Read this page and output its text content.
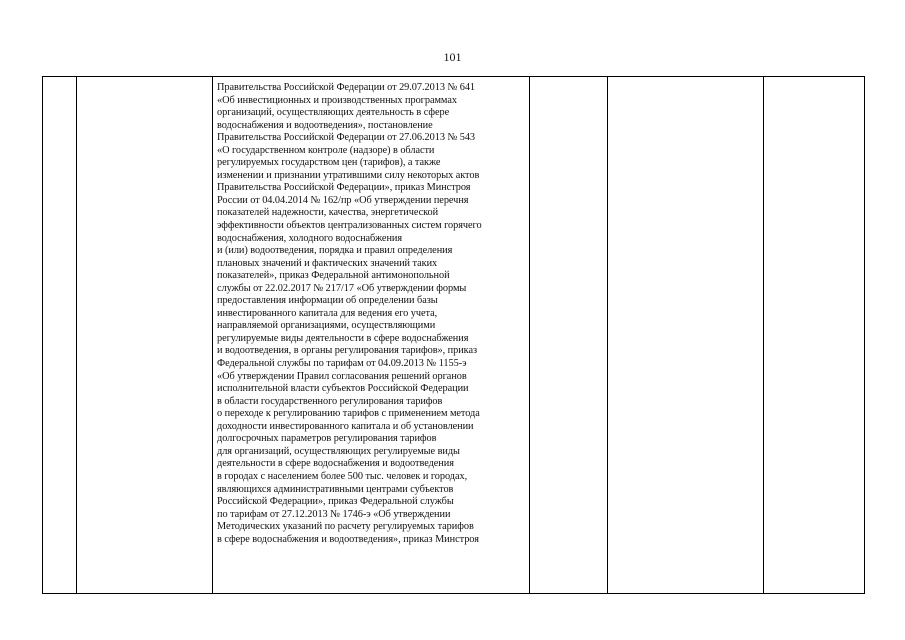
101
Правительства Российской Федерации от 29.07.2013 № 641
«Об инвестиционных и производственных программах
организаций, осуществляющих деятельность в сфере
водоснабжения и водоотведения», постановление
Правительства Российской Федерации от 27.06.2013 № 543
«О государственном контроле (надзоре) в области
регулируемых государством цен (тарифов), а также
изменении и признании утратившими силу некоторых актов
Правительства Российской Федерации», приказ Минстроя
России от 04.04.2014 № 162/пр «Об утверждении перечня
показателей надежности, качества, энергетической
эффективности объектов централизованных систем горячего
водоснабжения, холодного водоснабжения
и (или) водоотведения, порядка и правил определения
плановых значений и фактических значений таких
показателей», приказ Федеральной антимонопольной
службы от 22.02.2017 № 217/17 «Об утверждении формы
предоставления информации об определении базы
инвестированного капитала для ведения его учета,
направляемой организациями, осуществляющими
регулируемые виды деятельности в сфере водоснабжения
и водоотведения, в органы регулирования тарифов», приказ
Федеральной службы по тарифам от 04.09.2013 № 1155-э
«Об утверждении Правил согласования решений органов
исполнительной власти субъектов Российской Федерации
в области государственного регулирования тарифов
о переходе к регулированию тарифов с применением метода
доходности инвестированного капитала и об установлении
долгосрочных параметров регулирования тарифов
для организаций, осуществляющих регулируемые виды
деятельности в сфере водоснабжения и водоотведения
в городах с населением более 500 тыс. человек и городах,
являющихся административными центрами субъектов
Российской Федерации», приказ Федеральной службы
по тарифам от 27.12.2013 № 1746-э «Об утверждении
Методических указаний по расчету регулируемых тарифов
в сфере водоснабжения и водоотведения», приказ Минстроя
